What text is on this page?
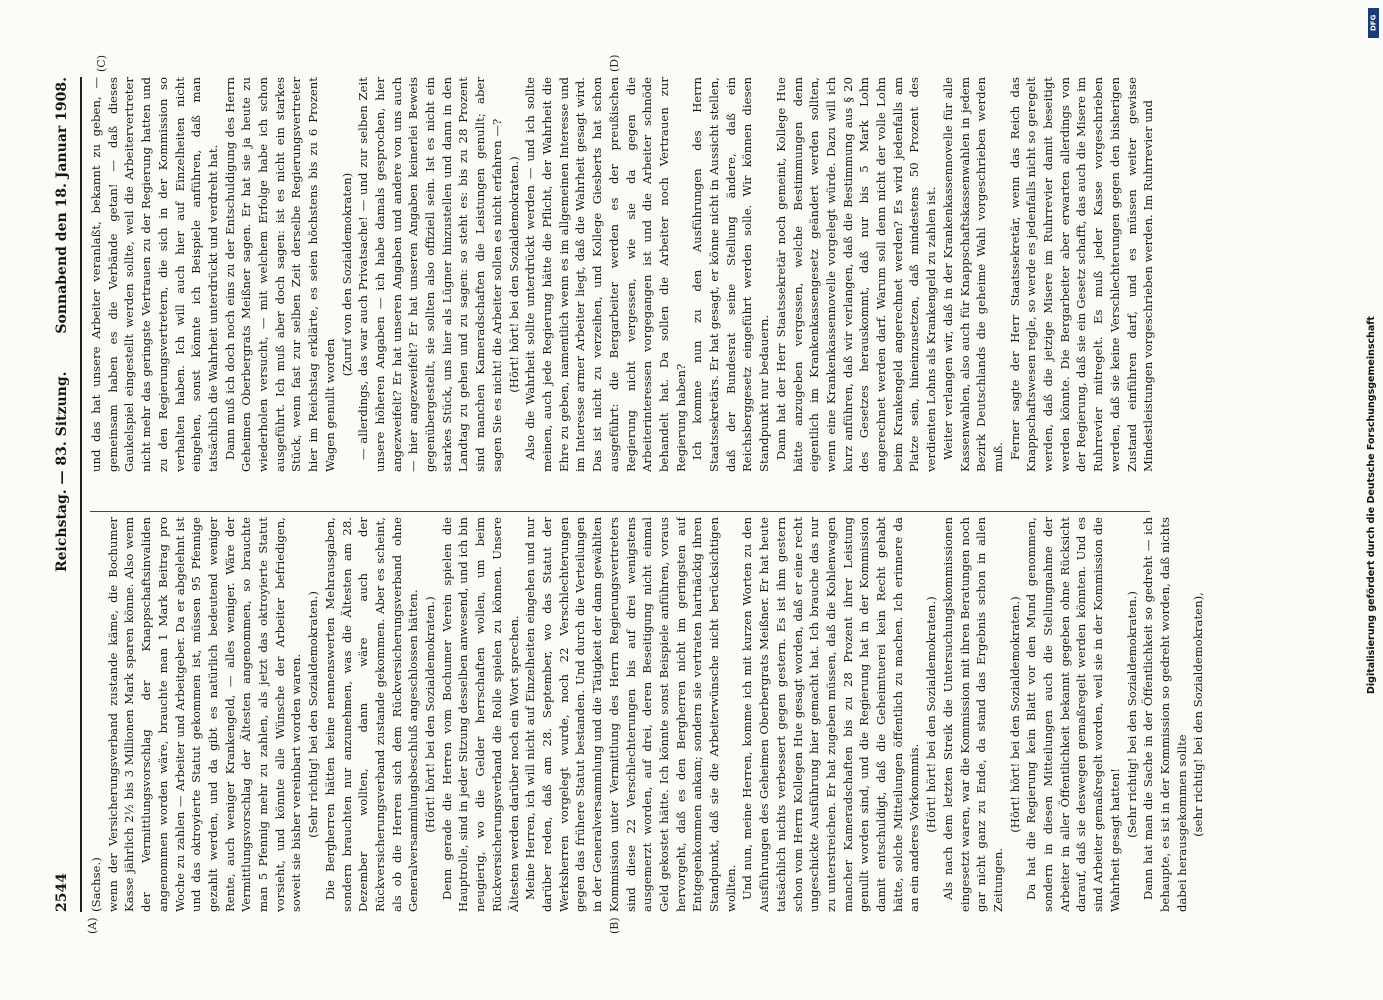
2544
Reichstag. — 83. Sitzung.
Sonnabend den 18. Januar 1908.
(A)	(B)
(C)	(D)

(Sachse.) wenn der Versicherungsverband zustande käme, die Bochumer Kasse jährlich 2½ bis 3 Millionen Mark sparen könne. Also wenn der Vermittlungsvorschlag der Knappschaftsinvaliden angenommen worden wäre, brauchte man 1 Mark Beitrag pro Woche zu zahlen — Arbeiter und Arbeitgeber. Da er abgelehnt ist und das oktroyierte Statut gekommen ist, müssen 95 Pfennige gezahlt werden, und da gibt es natürlich bedeutend weniger Rente, auch weniger Krankengeld, — alles weniger. Wäre der Vermittlungsvorschlag der Ältesten angenommen, so brauchte man 5 Pfennig mehr zu zahlen, als jetzt das oktroyierte Statut vorsieht, und könnte alle Wünsche der Arbeiter befriedigen, soweit sie bisher vereinbart worden waren. (Sehr richtig! bei den Sozialdemokraten.) Die Bergherren hätten keine nennenswerten Mehrausgaben, sondern brauchten nur anzunehmen, was die Ältesten am 28. Dezember wollten, dann wäre auch der Rückversicherungsverband zustande gekommen. Aber es scheint, als ob die Herren sich dem Rückversicherungsverband ohne Generalversammlungsbeschluß angeschlossen hätten. (Hört! hört! bei den Sozialdemokraten.) Denn gerade die Herren vom Bochumer Verein spielen die Hauptrolle, sind in jeder Sitzung desselben anwesend, und ich bin neugierig, wo die Gelder herrschaften wollen, um beim Rückversicherungsverband die Rolle spielen zu können. Unsere Ältesten werden darüber noch ein Wort sprechen. Meine Herren, ich will nicht auf Einzelheiten eingehen und nur darüber reden, daß am 28. September, wo das Statut der Werksherren vorgelegt wurde, noch 22 Verschlechterungen gegen das frühere Statut bestanden. Und durch die Verteilungen in der Generalversammlung und die Tätigkeit der dann gewählten Kommission unter Vermittlung des Herrn Regierungsvertreters sind diese 22 Verschlechterungen bis auf drei wenigstens ausgemerzt worden, auf drei, deren Beseitigung nicht einmal Geld gekostet hätte. Ich könnte sonst Beispiele anführen, voraus hervorgeht, daß es den Bergherren nicht im geringsten auf Entgegenkommen ankam; sondern sie vertraten hartnäckig ihren Standpunkt, daß sie die Arbeiterwünsche nicht berücksichtigen wollten. Und nun, meine Herren, komme ich mit kurzen Worten zu den Ausführungen des Geheimen Oberbergrats Meißner. Er hat heute tatsächlich nichts verbessert gegen gestern. Es ist ihm gestern schon vom Herrn Kollegen Hue gesagt worden, daß er eine recht ungeschickte Ausführung hier gemacht hat. Ich brauche das nur zu unterstreichen. Er hat zugeben müssen, daß die Kohlenwagen mancher Kameradschaften bis zu 28 Prozent ihrer Leistung genullt worden sind, und die Regierung hat in der Kommission damit entschuldigt, daß die Geheimtuerei kein Recht gehabt hätte, solche Mitteilungen öffentlich zu machen. Ich erinnere da an ein anderes Vorkommnis. (Hört! hört! bei den Sozialdemokraten.) Als nach dem letzten Streik die Untersuchungskommissionen eingesetzt waren, war die Kommission mit ihren Beratungen noch gar nicht ganz zu Ende, da stand das Ergebnis schon in allen Zeitungen.

(Hört! hört! bei den Sozialdemokraten.) Da hat die Regierung kein Blatt vor den Mund genommen, sondern in diesen Mitteilungen auch die Stellungnahme der Arbeiter in aller Öffentlichkeit bekannt gegeben ohne Rücksicht darauf, daß sie deswegen gemaßregelt werden könnten. Und es sind Arbeiter gemaßregelt worden, weil sie in der Kommission die Wahrheit gesagt hatten!

(Sehr richtig! bei den Sozialdemokraten.) Dann hat man die Sache in der Öffentlichkeit so gedreht — ich behaupte, es ist in der Kommission so gedreht worden, daß nichts dabei herausgekommen sollte (sehr richtig! bei den Sozialdemokraten),

und das hat unsere Arbeiter veranlaßt, bekannt zu geben, — gemeinsam haben es die Verbände getan! — daß dieses Gaukelspiel eingestellt werden sollte, weil die Arbeitervertreter nicht mehr das geringste Vertrauen zu der Regierung hatten und zu den Regierungsvertretern, die sich in der Kommission so verhalten haben. Ich will auch hier auf Einzelheiten nicht eingehen, sonst könnte ich Beispiele anführen, daß man tatsächlich die Wahrheit unterdrückt und verdreht hat. Dann muß ich doch noch eins zu der Entschuldigung des Herrn Geheimen Oberbergrats Meißner sagen. Er hat sie ja heute zu wiederholen versucht, — mit welchem Erfolge habe ich schon ausgeführt. Ich muß aber doch sagen: ist es nicht ein starkes Stück, wenn fast zur selben Zeit derselbe Regierungsvertreter hier im Reichstag erklärte, es seien höchstens bis zu 6 Prozent Wagen genullt worden

(Zuruf von den Sozialdemokraten) — allerdings, das war auch Privatsache! — und zur selben Zeit unsere höheren Angaben — ich habe damals gesprochen, hier angezweifelt? Er hat unseren Angaben und andere von uns auch — hier angezweifelt? Er hat unseren Angaben keinerlei Beweis gegenübergestellt, sie sollten also offiziell sein. Ist es nicht ein starkes Stück, uns hier als Lügner hinzustellen und dann in den Landtag zu gehen und zu sagen: so steht es: bis zu 28 Prozent sind manchen Kameradschaften die Leistungen genullt; aber sagen Sie es nicht! die Arbeiter sollen es nicht erfahren —? (Hört! hört! bei den Sozialdemokraten.) Also die Wahrheit sollte unterdrückt werden — und ich sollte meinen, auch jede Regierung hätte die Pflicht, der Wahrheit die Ehre zu geben, namentlich wenn es im allgemeinen Interesse und im Interesse armer Arbeiter liegt, daß die Wahrheit gesagt wird. Das ist nicht zu verzeihen, und Kollege Giesberts hat schon ausgeführt: die Bergarbeiter werden es der preußischen Regierung nicht vergessen, wie sie da gegen die Arbeiterinteressen vorgegangen ist und die Arbeiter schnöde behandelt hat. Da sollen die Arbeiter noch Vertrauen zur Regierung haben? Ich komme nun zu den Ausführungen des Herrn Staatssekretärs. Er hat gesagt, er könne nicht in Aussicht stellen, daß der Bundesrat seine Stellung ändere, daß ein Reichsberggesetz eingeführt werden solle. Wir können diesen Standpunkt nur bedauern. Dann hat der Herr Staatssekretär noch gemeint, Kollege Hue hätte anzugeben vergessen, welche Bestimmungen denn eigentlich im Krankenkassengesetz geändert werden sollten, wenn eine Krankenkassennovelle vorgelegt würde. Dazu will ich kurz anführen, daß wir verlangen, daß die Bestimmung aus § 20 des Gesetzes herauskommt, daß nur bis 5 Mark Lohn angerechnet werden darf. Warum soll denn nicht der volle Lohn beim Krankengeld angerechnet werden? Es wird jedenfalls am Platze sein, hineinzusetzen, daß mindestens 50 Prozent des verdienten Lohns als Krankengeld zu zahlen ist. Weiter verlangen wir, daß in der Krankenkassennovelle für alle Kassenwahlen, also auch für Knappschaftskassenwahlen in jedem Bezirk Deutschlands die geheime Wahl vorgeschrieben werden muß. Ferner sagte der Herr Staatssekretär, wenn das Reich das Knappschaftswesen regle, so werde es jedenfalls nicht so geregelt werden, daß die jetzige Misere im Ruhrrevier damit beseitigt werden könnte. Die Bergarbeiter aber erwarten allerdings von der Regierung, daß sie ein Gesetz schafft, das auch die Misere im Ruhrrevier mitregelt. Es muß jeder Kasse vorgeschrieben werden, daß sie keine Verschlechterungen gegen den bisherigen Zustand einführen darf, und es müssen weiter gewisse Mindestleistungen vorgeschrieben werden. Im Ruhrrevier und

DFG
Digitalisierung gefördert durch die Deutsche Forschungsgemeinschaft
